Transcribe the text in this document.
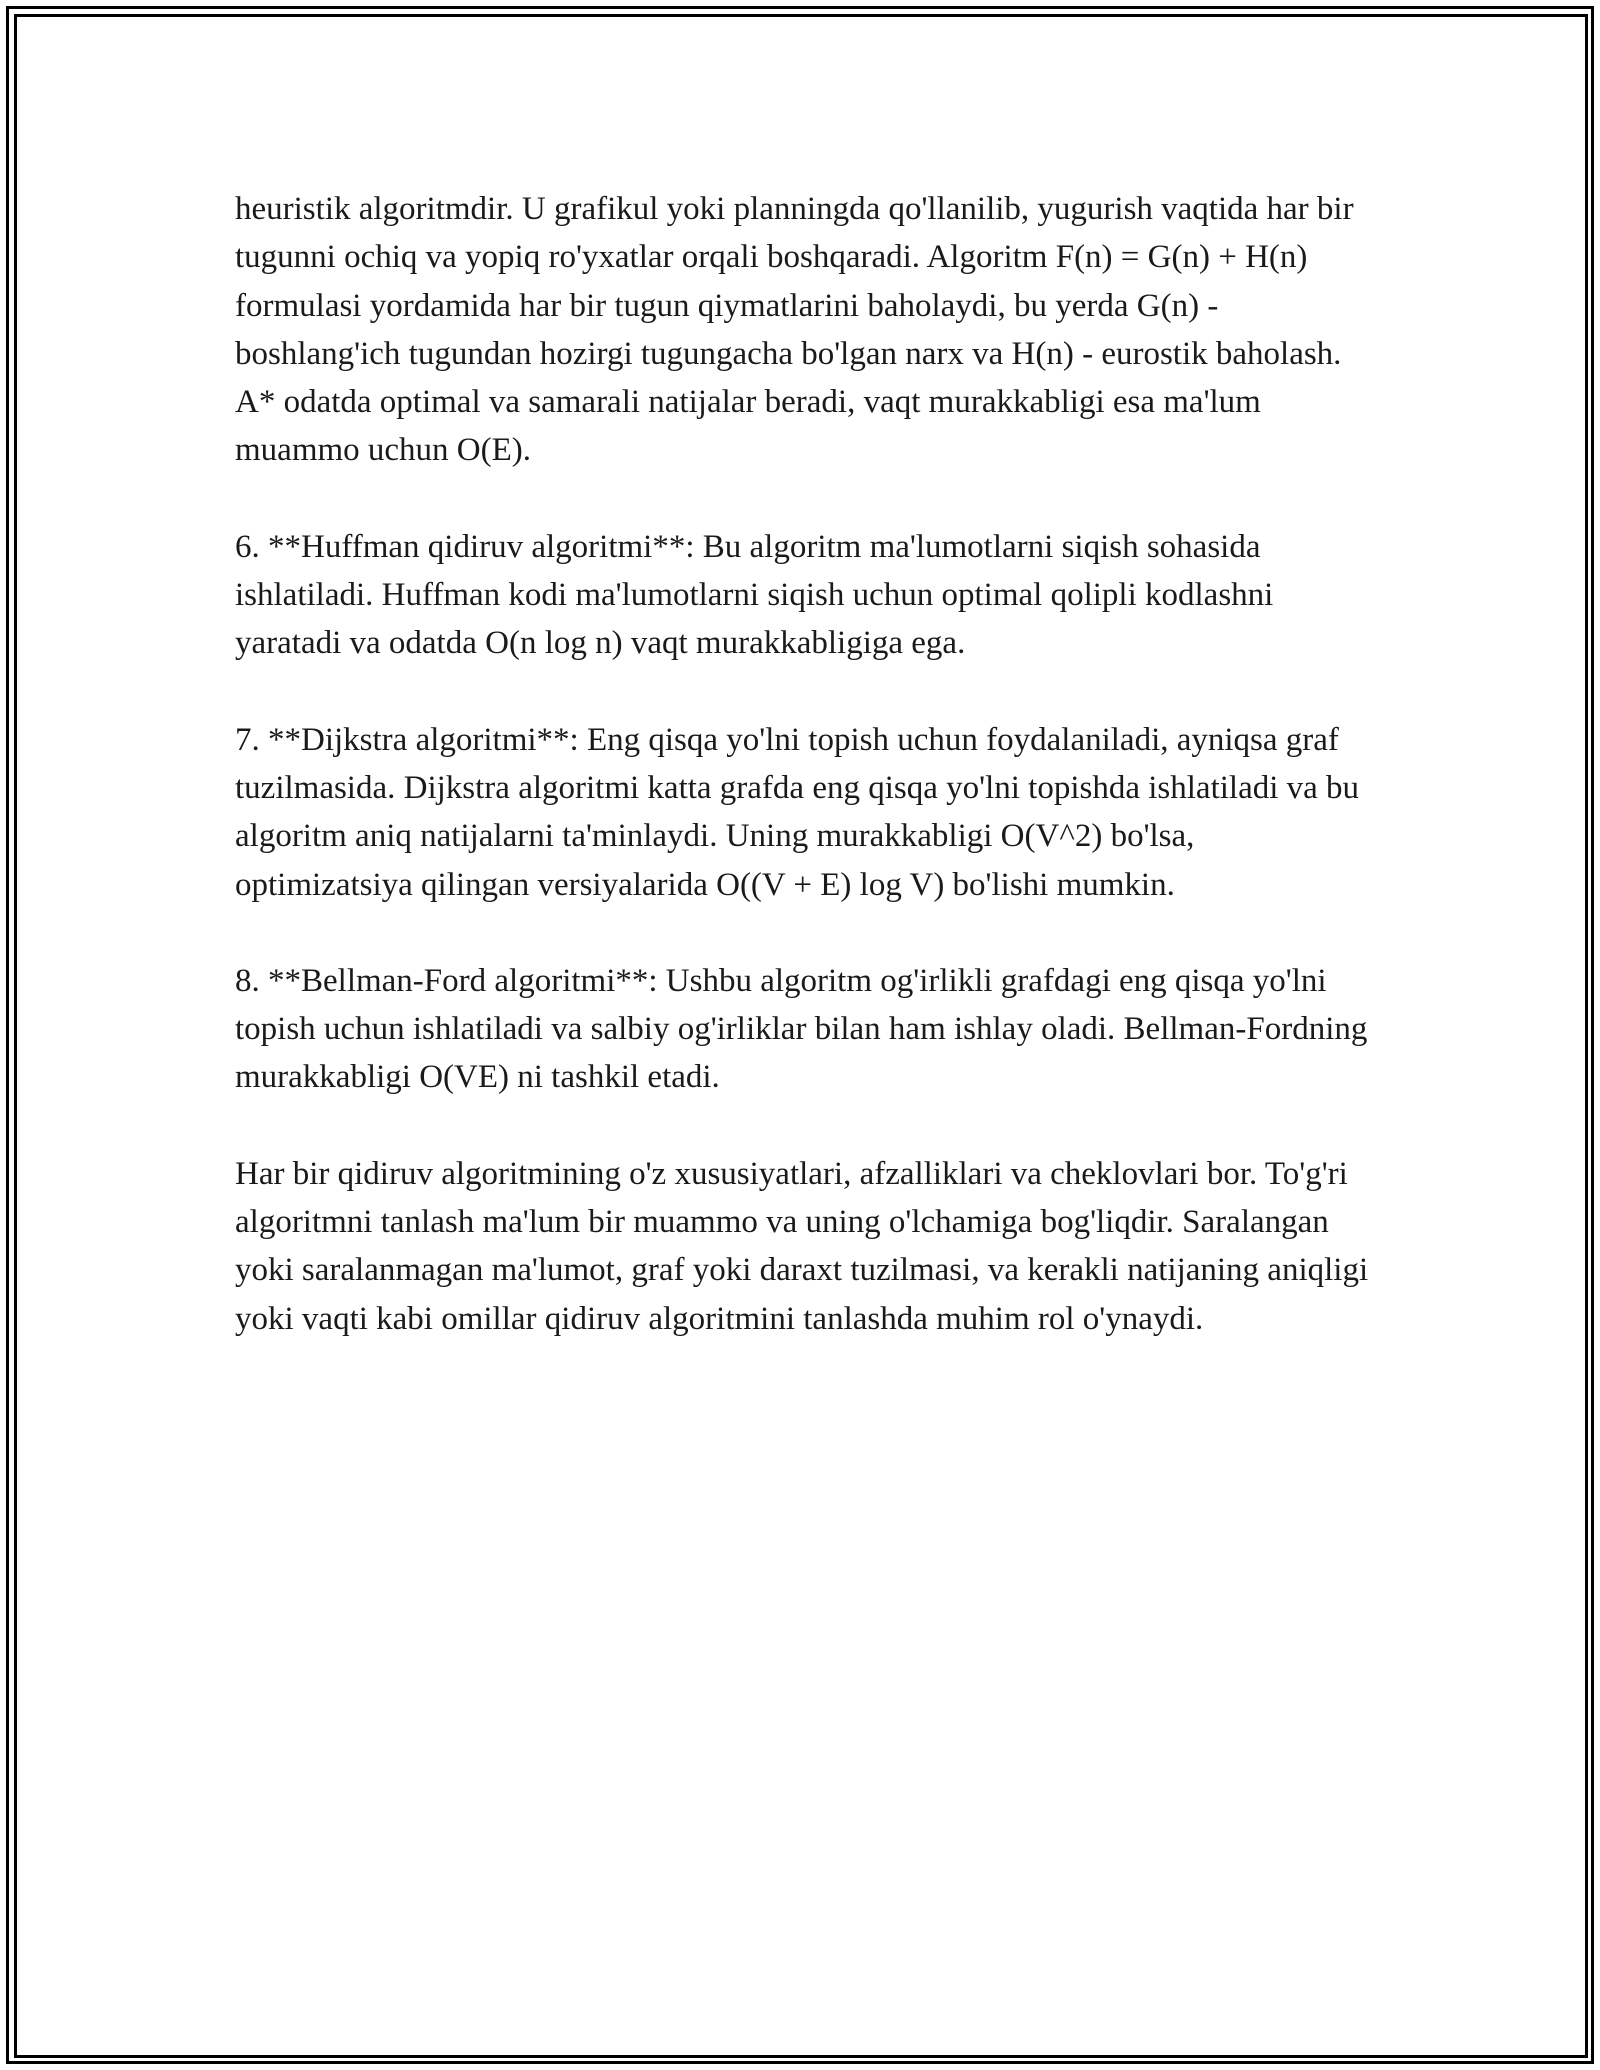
heuristik algoritmdir. U grafikul yoki planningda qo'llanilib, yugurish vaqtida har bir tugunni ochiq va yopiq ro'yxatlar orqali boshqaradi. Algoritm F(n) = G(n) + H(n) formulasi yordamida har bir tugun qiymatlarini baholaydi, bu yerda G(n) - boshlang'ich tugundan hozirgi tugungacha bo'lgan narx va H(n) - eurostik baholash. A* odatda optimal va samarali natijalar beradi, vaqt murakkabligi esa ma'lum muammo uchun O(E).

6. **Huffman qidiruv algoritmi**: Bu algoritm ma'lumotlarni siqish sohasida ishlatiladi. Huffman kodi ma'lumotlarni siqish uchun optimal qolipli kodlashni yaratadi va odatda O(n log n) vaqt murakkabligiga ega.

7. **Dijkstra algoritmi**: Eng qisqa yo'lni topish uchun foydalaniladi, ayniqsa graf tuzilmasida. Dijkstra algoritmi katta grafda eng qisqa yo'lni topishda ishlatiladi va bu algoritm aniq natijalarni ta'minlaydi. Uning murakkabligi O(V^2) bo'lsa, optimizatsiya qilingan versiyalarida O((V + E) log V) bo'lishi mumkin.

8. **Bellman-Ford algoritmi**: Ushbu algoritm og'irlikli grafdagi eng qisqa yo'lni topish uchun ishlatiladi va salbiy og'irliklar bilan ham ishlay oladi. Bellman-Fordning murakkabligi O(VE) ni tashkil etadi.

Har bir qidiruv algoritmining o'z xususiyatlari, afzalliklari va cheklovlari bor. To'g'ri algoritmni tanlash ma'lum bir muammo va uning o'lchamiga bog'liqdir. Saralangan yoki saralanmagan ma'lumot, graf yoki daraxt tuzilmasi, va kerakli natijaning aniqligi yoki vaqti kabi omillar qidiruv algoritmini tanlashda muhim rol o'ynaydi.
